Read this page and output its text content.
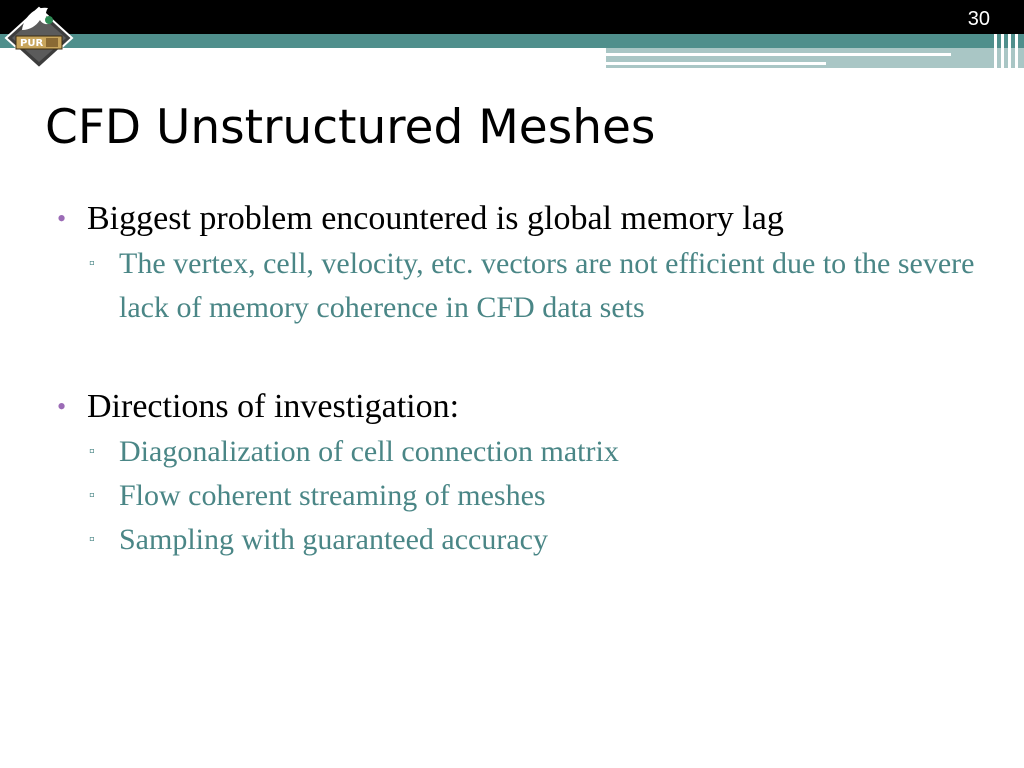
PUR
30
CFD Unstructured Meshes
• Biggest problem encountered is global memory lag
▫ The vertex, cell, velocity, etc. vectors are not efficient due to the severe lack of memory coherence in CFD data sets
• Directions of investigation:
▫ Diagonalization of cell connection matrix
▫ Flow coherent streaming of meshes
▫ Sampling with guaranteed accuracy
